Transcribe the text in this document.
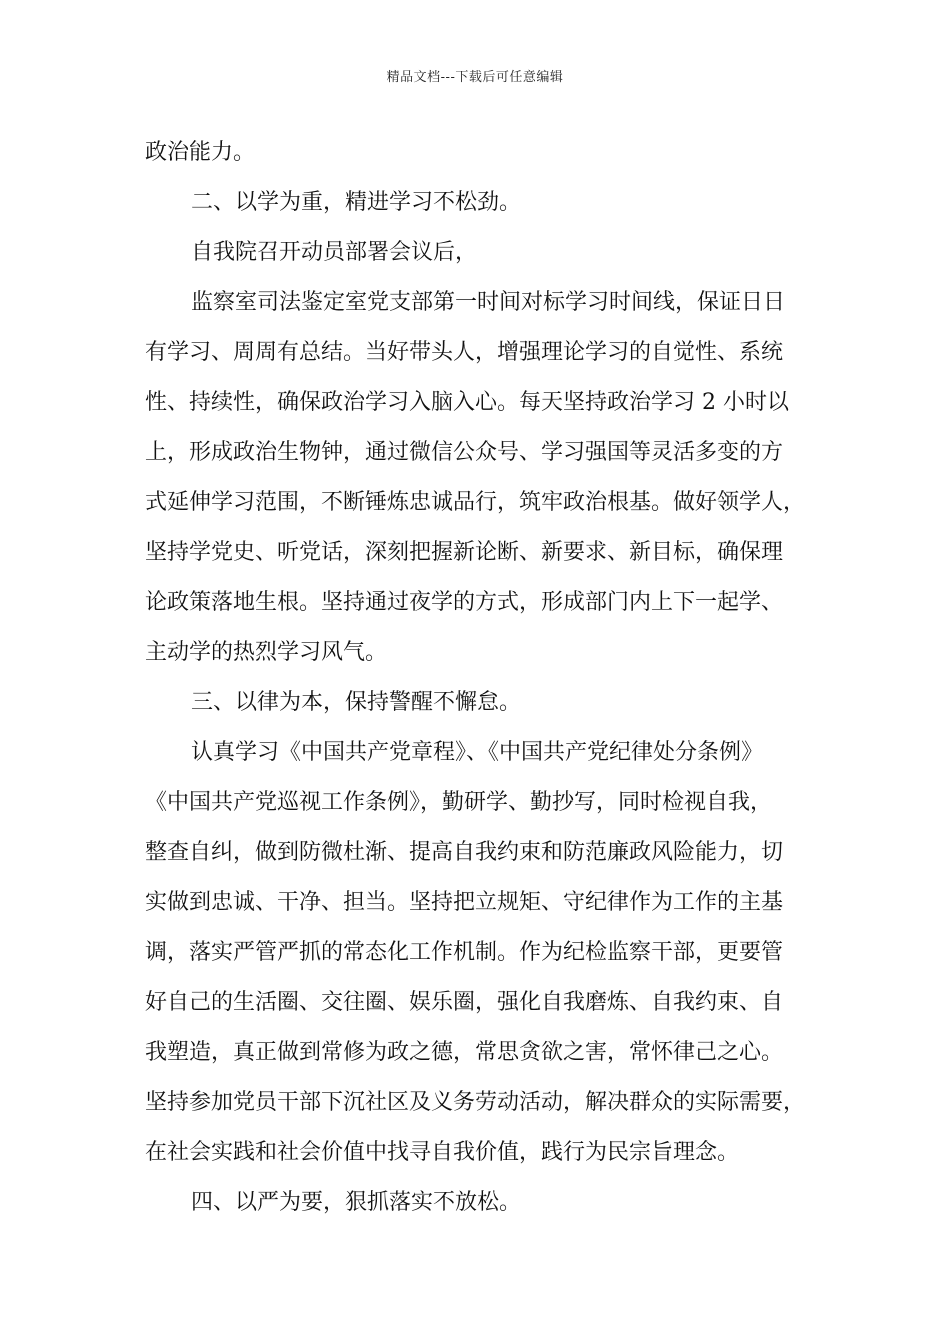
精品文档---下载后可任意编辑
政治能力。
二、以学为重，精进学习不松劲。
自我院召开动员部署会议后，
监察室司法鉴定室党支部第一时间对标学习时间线，保证日日
有学习、周周有总结。当好带头人，增强理论学习的自觉性、系统
性、持续性，确保政治学习入脑入心。每天坚持政治学习 2 小时以
上，形成政治生物钟，通过微信公众号、学习强国等灵活多变的方
式延伸学习范围，不断锤炼忠诚品行，筑牢政治根基。做好领学人，
坚持学党史、听党话，深刻把握新论断、新要求、新目标，确保理
论政策落地生根。坚持通过夜学的方式，形成部门内上下一起学、
主动学的热烈学习风气。
三、以律为本，保持警醒不懈怠。
认真学习《中国共产党章程》、《中国共产党纪律处分条例》
《中国共产党巡视工作条例》，勤研学、勤抄写，同时检视自我，
整查自纠，做到防微杜渐、提高自我约束和防范廉政风险能力，切
实做到忠诚、干净、担当。坚持把立规矩、守纪律作为工作的主基
调，落实严管严抓的常态化工作机制。作为纪检监察干部，更要管
好自己的生活圈、交往圈、娱乐圈，强化自我磨炼、自我约束、自
我塑造，真正做到常修为政之德，常思贪欲之害，常怀律己之心。
坚持参加党员干部下沉社区及义务劳动活动，解决群众的实际需要，
在社会实践和社会价值中找寻自我价值，践行为民宗旨理念。
四、以严为要，狠抓落实不放松。
